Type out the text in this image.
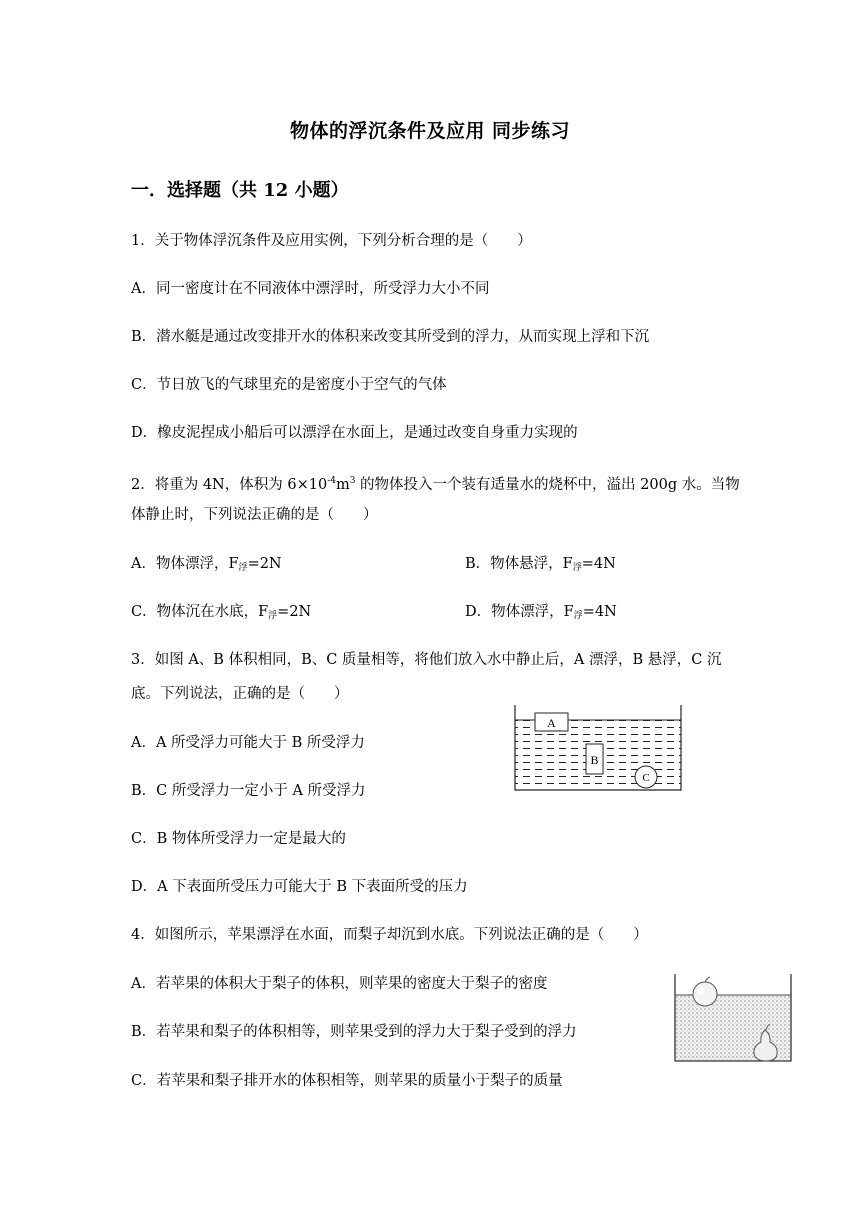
物体的浮沉条件及应用 同步练习
一．选择题（共 12 小题）
1．关于物体浮沉条件及应用实例，下列分析合理的是（　　）
A．同一密度计在不同液体中漂浮时，所受浮力大小不同
B．潜水艇是通过改变排开水的体积来改变其所受到的浮力，从而实现上浮和下沉
C．节日放飞的气球里充的是密度小于空气的气体
D．橡皮泥捏成小船后可以漂浮在水面上，是通过改变自身重力实现的
2．将重为 4N，体积为 $6\times 10^{-4}m^3$ 的物体投入一个装有适量水的烧杯中，溢出 200g 水。当物
体静止时，下列说法正确的是（　　）
A．物体漂浮，$F_浮=2N$	B．物体悬浮，$F_浮=4N$
C．物体沉在水底，$F_浮=2N$	D．物体漂浮，$F_浮=4N$
3．如图 A、B 体积相同，B、C 质量相等，将他们放入水中静止后，A 漂浮，B 悬浮，C 沉
底。下列说法，正确的是（　　）
A．A 所受浮力可能大于 B 所受浮力
B．C 所受浮力一定小于 A 所受浮力
C．B 物体所受浮力一定是最大的
D．A 下表面所受压力可能大于 B 下表面所受的压力
A
B
C
4．如图所示，苹果漂浮在水面，而梨子却沉到水底。下列说法正确的是（　　）
A．若苹果的体积大于梨子的体积，则苹果的密度大于梨子的密度
B．若苹果和梨子的体积相等，则苹果受到的浮力大于梨子受到的浮力
C．若苹果和梨子排开水的体积相等，则苹果的质量小于梨子的质量
